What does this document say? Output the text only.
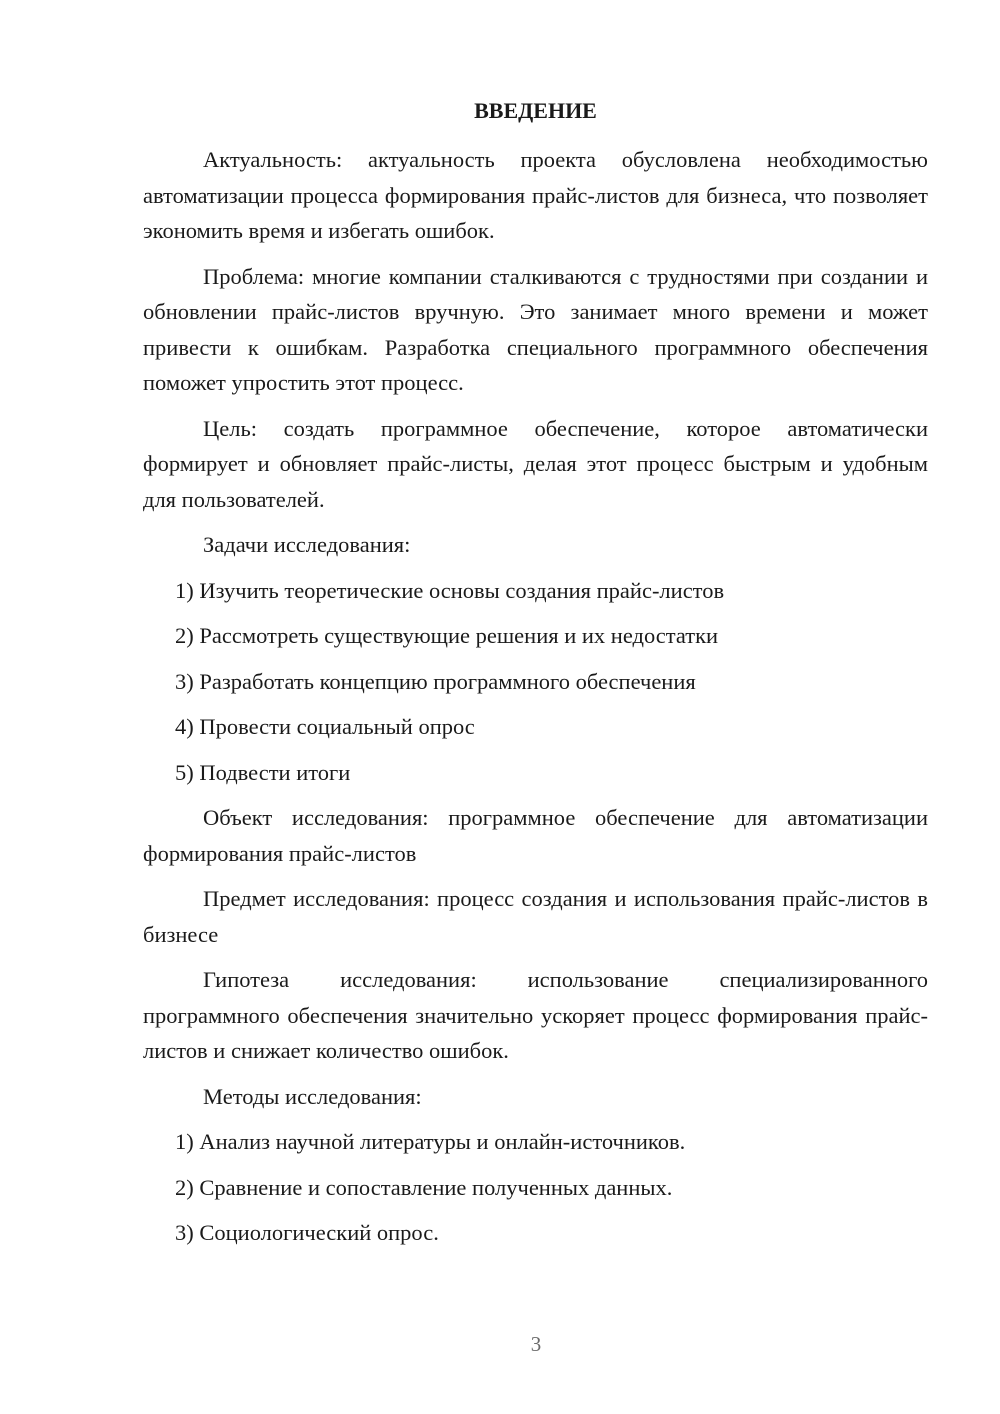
ВВЕДЕНИЕ

Актуальность: актуальность проекта обусловлена необходимостью автоматизации процесса формирования прайс-листов для бизнеса, что позволяет экономить время и избегать ошибок.

Проблема: многие компании сталкиваются с трудностями при создании и обновлении прайс-листов вручную. Это занимает много времени и может привести к ошибкам. Разработка специального программного обеспечения поможет упростить этот процесс.

Цель: создать программное обеспечение, которое автоматически формирует и обновляет прайс-листы, делая этот процесс быстрым и удобным для пользователей.

Задачи исследования:

1) Изучить теоретические основы создания прайс-листов

2) Рассмотреть существующие решения и их недостатки

3) Разработать концепцию программного обеспечения

4) Провести социальный опрос

5) Подвести итоги

Объект исследования: программное обеспечение для автоматизации формирования прайс-листов

Предмет исследования: процесс создания и использования прайс-листов в бизнесе

Гипотеза исследования: использование специализированного программного обеспечения значительно ускоряет процесс формирования прайс-листов и снижает количество ошибок.

Методы исследования:

1) Анализ научной литературы и онлайн-источников.

2) Сравнение и сопоставление полученных данных.

3) Социологический опрос.

3
